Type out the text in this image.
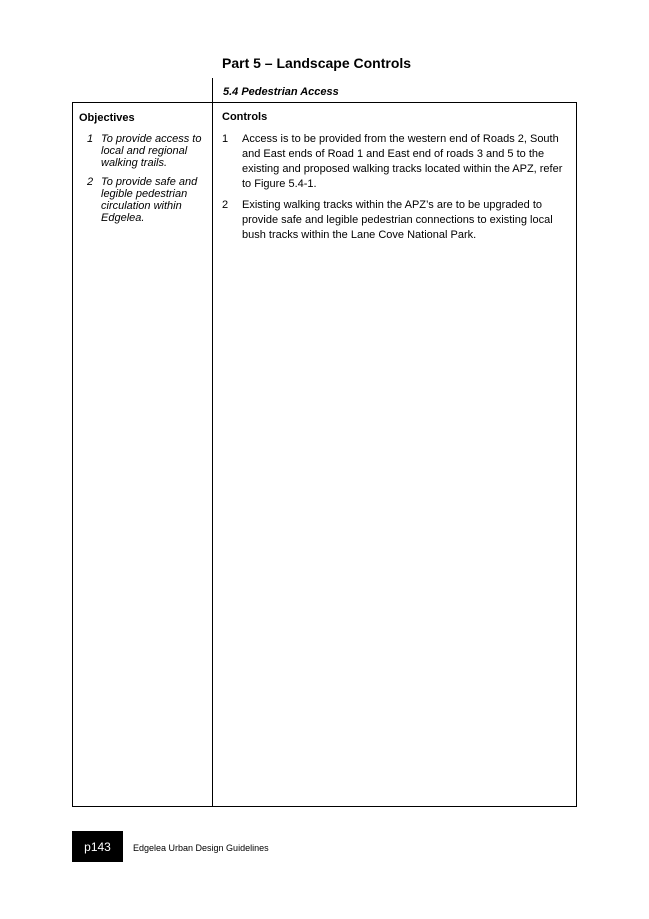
Part 5 – Landscape Controls
5.4 Pedestrian Access
Objectives
1 To provide access to local and regional walking trails.
2 To provide safe and legible pedestrian circulation within Edgelea.
Controls
1	Access is to be provided from the western end of Roads 2, South and East ends of Road 1 and East end of roads 3 and 5 to the existing and proposed walking tracks located within the APZ, refer to Figure 5.4-1.
2	Existing walking tracks within the APZ’s are to be upgraded to provide safe and legible pedestrian connections to existing local bush tracks within the Lane Cove National Park.
p143 Edgelea Urban Design Guidelines
